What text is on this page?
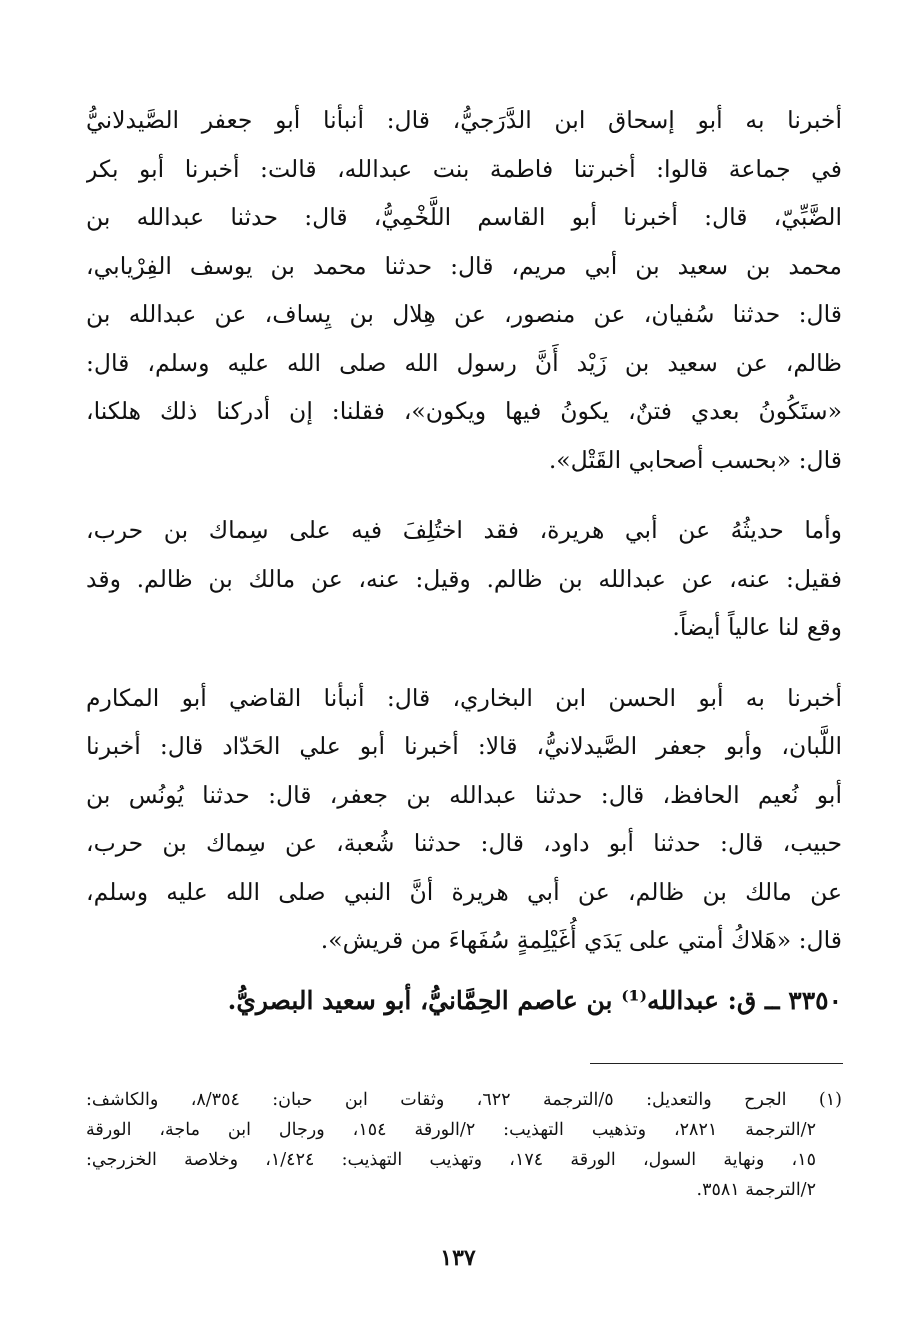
أخبرنا به أبو إسحاق ابن الدَّرَجيُّ، قال: أنبأنا أبو جعفر الصَّيدلانيُّ
في جماعة قالوا: أخبرتنا فاطمة بنت عبدالله، قالت: أخبرنا أبو بكر
الضَّبِّيّ، قال: أخبرنا أبو القاسم اللَّخْمِيُّ، قال: حدثنا عبدالله بن
محمد بن سعيد بن أبي مريم، قال: حدثنا محمد بن يوسف الفِرْيابي،
قال: حدثنا سُفيان، عن منصور، عن هِلال بن يِساف، عن عبدالله بن
ظالم، عن سعيد بن زَيْد أَنَّ رسول الله صلى الله عليه وسلم، قال:
«ستَكُونُ بعدي فتنٌ، يكونُ فيها ويكون»، فقلنا: إن أدركنا ذلك هلكنا،
قال: «بحسب أصحابي القَتْل».
وأما حديثُهُ عن أبي هريرة، فقد اختُلِفَ فيه على سِماك بن حرب،
فقيل: عنه، عن عبدالله بن ظالم. وقيل: عنه، عن مالك بن ظالم. وقد
وقع لنا عالياً أيضاً.
أخبرنا به أبو الحسن ابن البخاري، قال: أنبأنا القاضي أبو المكارم
اللَّبان، وأبو جعفر الصَّيدلانيُّ، قالا: أخبرنا أبو علي الحَدّاد قال: أخبرنا
أبو نُعيم الحافظ، قال: حدثنا عبدالله بن جعفر، قال: حدثنا يُونُس بن
حبيب، قال: حدثنا أبو داود، قال: حدثنا شُعبة، عن سِماك بن حرب،
عن مالك بن ظالم، عن أبي هريرة أنَّ النبي صلى الله عليه وسلم،
قال: «هَلاكُ أمتي على يَدَي أُغَيْلِمةٍ سُفَهاءَ من قريش».
٣٣٥٠ ــ ق: عبدالله⁽¹⁾ بن عاصم الحِمَّانيُّ، أبو سعيد البصريُّ.
(١) الجرح والتعديل: ٥/الترجمة ٦٢٢، وثقات ابن حبان: ٨/٣٥٤، والكاشف:
٢/الترجمة ٢٨٢١، وتذهيب التهذيب: ٢/الورقة ١٥٤، ورجال ابن ماجة، الورقة
١٥، ونهاية السول، الورقة ١٧٤، وتهذيب التهذيب: ١/٤٢٤، وخلاصة الخزرجي:
٢/الترجمة ٣٥٨١.
١٣٧
